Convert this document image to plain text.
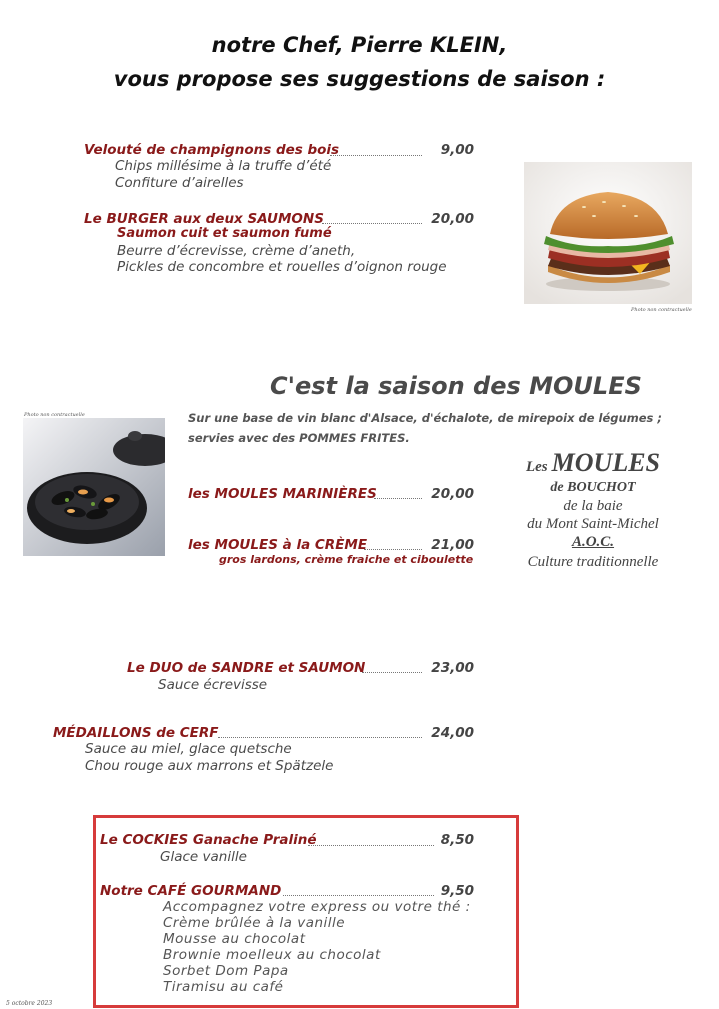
notre Chef, Pierre KLEIN,
vous propose ses suggestions de saison :
Velouté de champignons des bois	9,00
Chips millésime à la truffe d’été
Confiture d’airelles
Le BURGER aux deux SAUMONS	20,00
Saumon cuit et saumon fumé
Beurre d’écrevisse, crème d’aneth,
Pickles de concombre et rouelles d’oignon rouge
Photo non contractuelle
C'est la saison des MOULES
Sur une base de vin blanc d'Alsace, d'échalote, de mirepoix de légumes ;
servies avec des POMMES FRITES.
Photo non contractuelle
les MOULES MARINIÈRES	20,00
les MOULES à la CRÈME	21,00
gros lardons, crème fraiche et ciboulette
Les MOULES
de BOUCHOT
de la baie
du Mont Saint-Michel
A.O.C.
Culture traditionnelle
Le DUO de SANDRE et SAUMON	23,00
Sauce écrevisse
MÉDAILLONS de CERF	24,00
Sauce au miel, glace quetsche
Chou rouge aux marrons et Spätzele
Le COCKIES Ganache Praliné	8,50
Glace vanille
Notre CAFÉ GOURMAND	9,50
Accompagnez votre express ou votre thé :
Crème brûlée à la vanille
Mousse au chocolat
Brownie moelleux au chocolat
Sorbet Dom Papa
Tiramisu au café
5 octobre 2023
